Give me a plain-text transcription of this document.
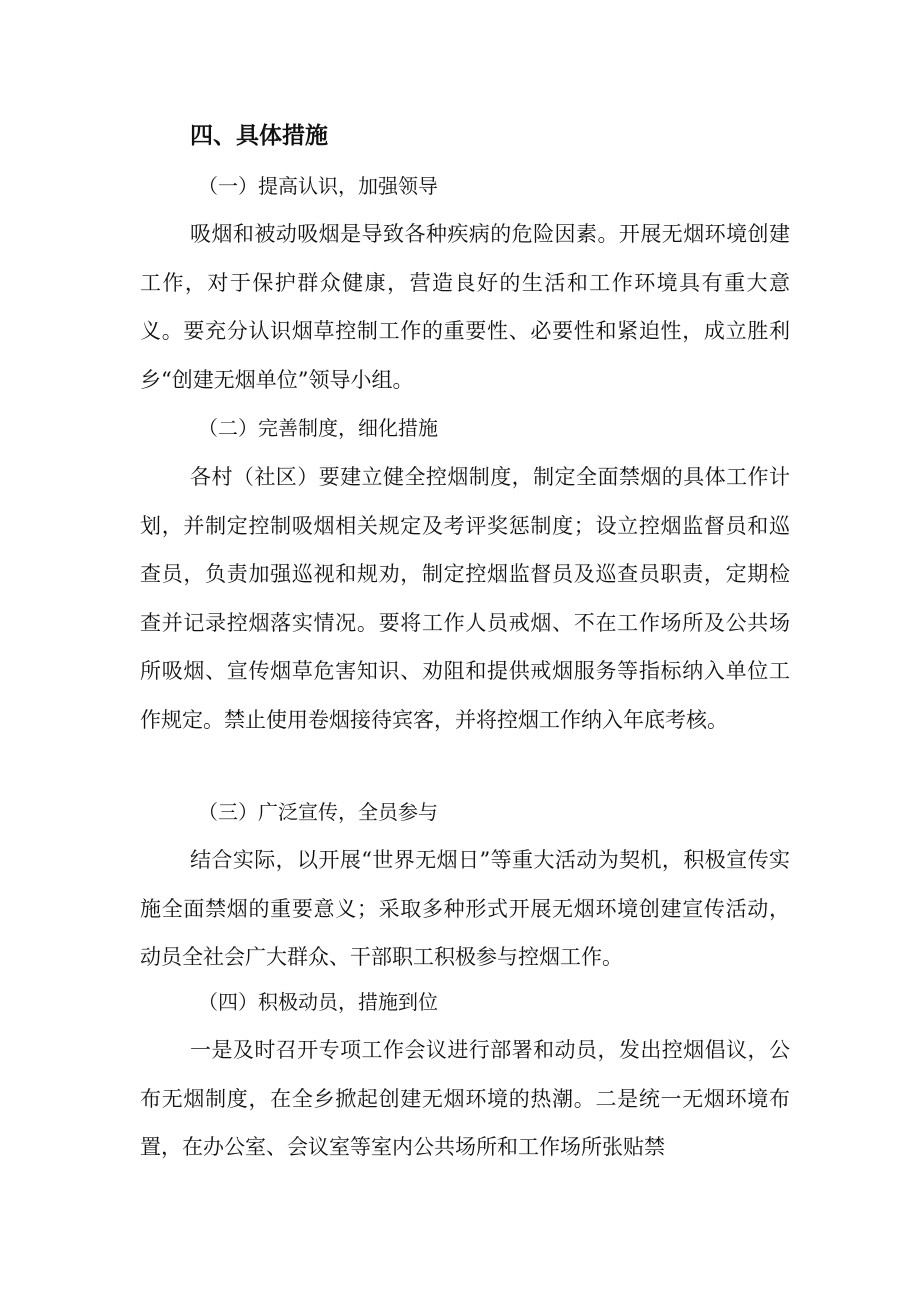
四、具体措施
（一）提高认识，加强领导

吸烟和被动吸烟是导致各种疾病的危险因素。开展无烟环境创建工作，对于保护群众健康，营造良好的生活和工作环境具有重大意义。要充分认识烟草控制工作的重要性、必要性和紧迫性，成立胜利乡“创建无烟单位”领导小组。

（二）完善制度，细化措施

各村（社区）要建立健全控烟制度，制定全面禁烟的具体工作计划，并制定控制吸烟相关规定及考评奖惩制度；设立控烟监督员和巡查员，负责加强巡视和规劝，制定控烟监督员及巡查员职责，定期检查并记录控烟落实情况。要将工作人员戒烟、不在工作场所及公共场所吸烟、宣传烟草危害知识、劝阻和提供戒烟服务等指标纳入单位工作规定。禁止使用卷烟接待宾客，并将控烟工作纳入年底考核。

（三）广泛宣传，全员参与

结合实际，以开展“世界无烟日”等重大活动为契机，积极宣传实施全面禁烟的重要意义；采取多种形式开展无烟环境创建宣传活动，动员全社会广大群众、干部职工积极参与控烟工作。

（四）积极动员，措施到位

一是及时召开专项工作会议进行部署和动员，发出控烟倡议，公布无烟制度，在全乡掀起创建无烟环境的热潮。二是统一无烟环境布置，在办公室、会议室等室内公共场所和工作场所张贴禁
